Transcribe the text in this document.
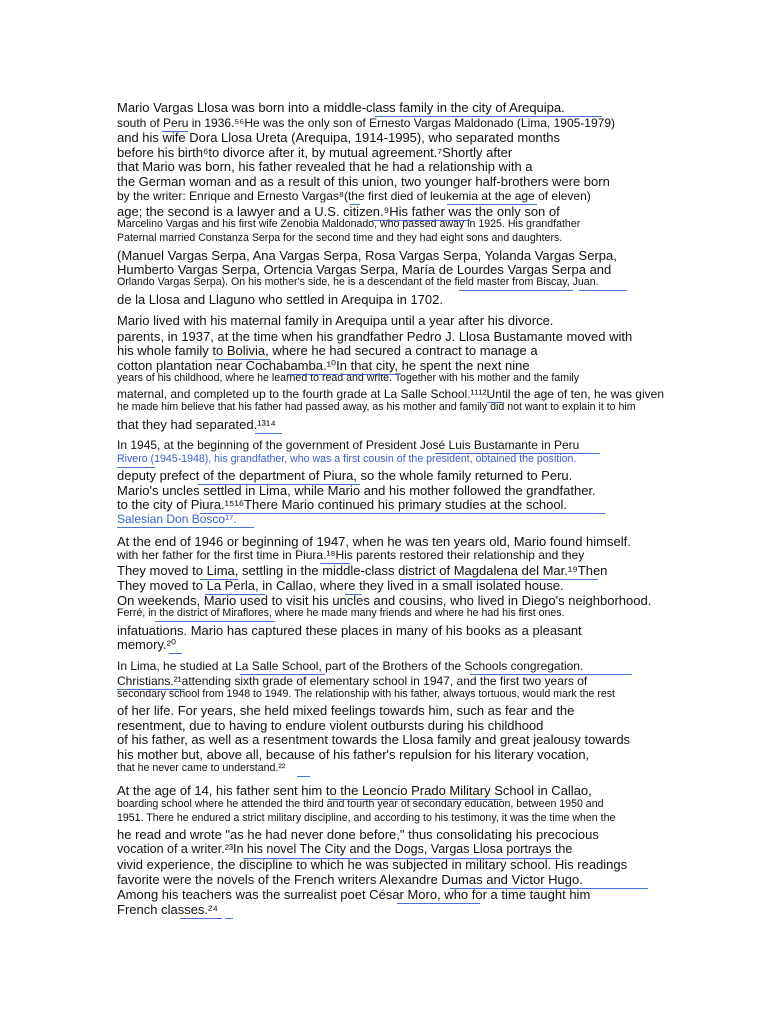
Mario Vargas Llosa was born into a middle-class family in the city of Arequipa.
south of Peru in 1936.⁵⁶He was the only son of Ernesto Vargas Maldonado (Lima, 1905-1979)
and his wife Dora Llosa Ureta (Arequipa, 1914-1995), who separated months
before his birth⁶to divorce after it, by mutual agreement.⁷Shortly after
that Mario was born, his father revealed that he had a relationship with a
the German woman and as a result of this union, two younger half-brothers were born
by the writer: Enrique and Ernesto Vargas⁸(the first died of leukemia at the age of eleven)
age; the second is a lawyer and a U.S. citizen.⁹His father was the only son of
Marcelino Vargas and his first wife Zenobia Maldonado, who passed away in 1925. His grandfather
Paternal married Constanza Serpa for the second time and they had eight sons and daughters.
(Manuel Vargas Serpa, Ana Vargas Serpa, Rosa Vargas Serpa, Yolanda Vargas Serpa,
Humberto Vargas Serpa, Ortencia Vargas Serpa, María de Lourdes Vargas Serpa and
Orlando Vargas Serpa). On his mother's side, he is a descendant of the field master from Biscay, Juan.
de la Llosa and Llaguno who settled in Arequipa in 1702.
Mario lived with his maternal family in Arequipa until a year after his divorce.
parents, in 1937, at the time when his grandfather Pedro J. Llosa Bustamante moved with
his whole family to Bolivia, where he had secured a contract to manage a
cotton plantation near Cochabamba.¹⁰In that city, he spent the next nine
years of his childhood, where he learned to read and write. Together with his mother and the family
maternal, and completed up to the fourth grade at La Salle School.¹¹¹²Until the age of ten, he was given
he made him believe that his father had passed away, as his mother and family did not want to explain it to him
that they had separated.¹³¹⁴
In 1945, at the beginning of the government of President José Luis Bustamante in Peru
Rivero (1945-1948), his grandfather, who was a first cousin of the president, obtained the position.
deputy prefect of the department of Piura, so the whole family returned to Peru.
Mario's uncles settled in Lima, while Mario and his mother followed the grandfather.
to the city of Piura.¹⁵¹⁶There Mario continued his primary studies at the school.
Salesian Don Bosco¹⁷.
At the end of 1946 or beginning of 1947, when he was ten years old, Mario found himself.
with her father for the first time in Piura.¹⁸His parents restored their relationship and they
They moved to Lima, settling in the middle-class district of Magdalena del Mar.¹⁹Then
They moved to La Perla, in Callao, where they lived in a small isolated house.
On weekends, Mario used to visit his uncles and cousins, who lived in Diego's neighborhood.
Ferré, in the district of Miraflores, where he made many friends and where he had his first ones.
infatuations. Mario has captured these places in many of his books as a pleasant
memory.²⁰
In Lima, he studied at La Salle School, part of the Brothers of the Schools congregation.
Christians.²¹attending sixth grade of elementary school in 1947, and the first two years of
secondary school from 1948 to 1949. The relationship with his father, always tortuous, would mark the rest
of her life. For years, she held mixed feelings towards him, such as fear and the
resentment, due to having to endure violent outbursts during his childhood
of his father, as well as a resentment towards the Llosa family and great jealousy towards
his mother but, above all, because of his father's repulsion for his literary vocation,
that he never came to understand.²²
At the age of 14, his father sent him to the Leoncio Prado Military School in Callao,
boarding school where he attended the third and fourth year of secondary education, between 1950 and
1951. There he endured a strict military discipline, and according to his testimony, it was the time when the
he read and wrote "as he had never done before," thus consolidating his precocious
vocation of a writer.²³In his novel The City and the Dogs, Vargas Llosa portrays the
vivid experience, the discipline to which he was subjected in military school. His readings
favorite were the novels of the French writers Alexandre Dumas and Victor Hugo.
Among his teachers was the surrealist poet César Moro, who for a time taught him
French classes.²⁴
